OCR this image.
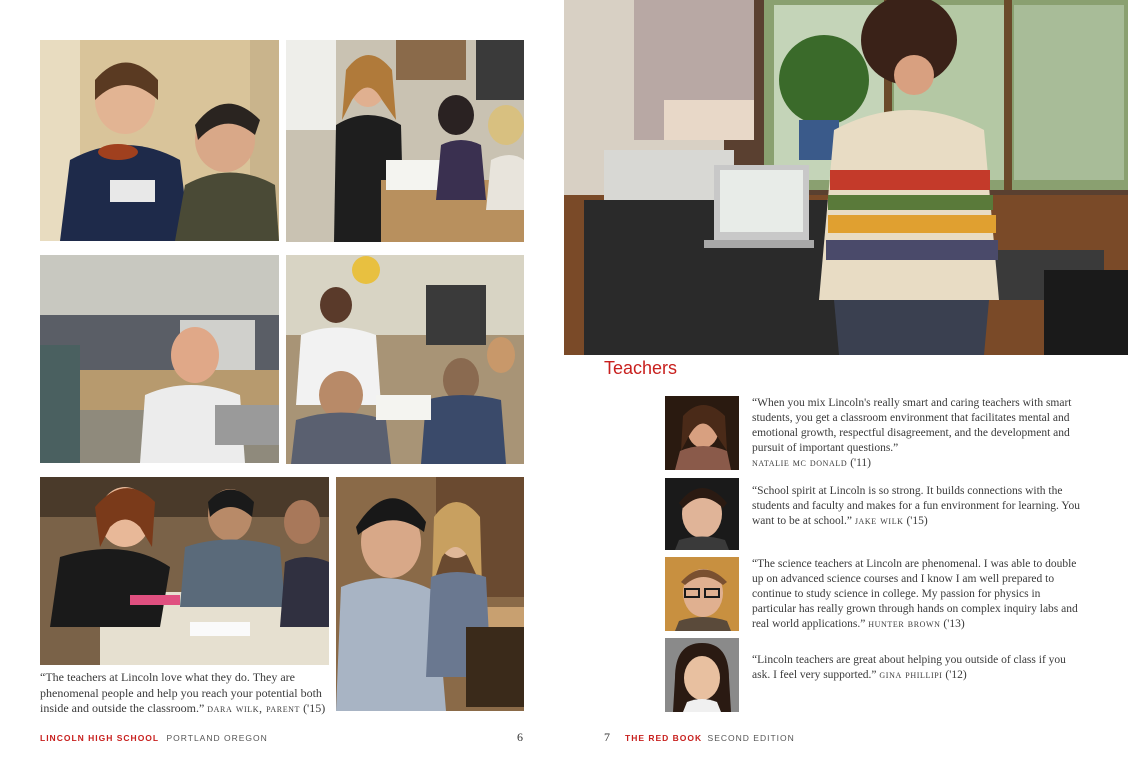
“The teachers at Lincoln love what they do. They are phenomenal people and help you reach your potential both inside and outside the classroom.” dara wilk, parent ('15)
LINCOLN HIGH SCHOOL PORTLAND OREGON	6
Teachers
“When you mix Lincoln's really smart and caring teachers with smart students, you get a classroom environment that facilitates mental and emotional growth, respectful disagreement, and the development and pursuit of important questions.”
natalie mc donald ('11)
“School spirit at Lincoln is so strong. It builds connections with the students and faculty and makes for a fun environment for learning. You want to be at school.” jake wilk ('15)
“The science teachers at Lincoln are phenomenal. I was able to double up on advanced science courses and I know I am well prepared to continue to study science in college. My passion for physics in particular has really grown through hands on complex inquiry labs and real world applications.” hunter brown ('13)
“Lincoln teachers are great about helping you outside of class if you ask. I feel very supported.” gina phillipi ('12)
7 THE RED BOOK SECOND EDITION
